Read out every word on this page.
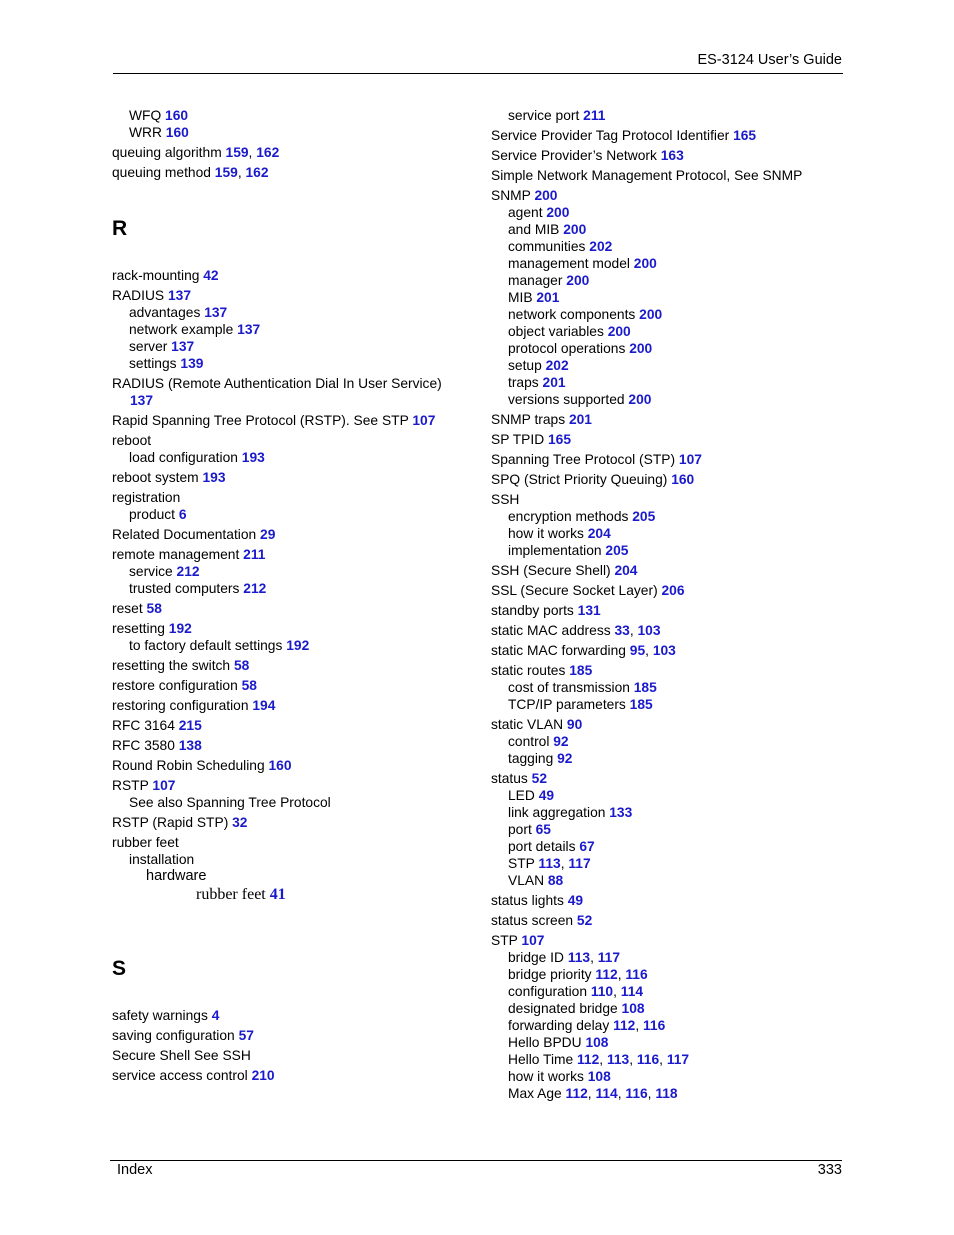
ES-3124 User’s Guide
WFQ 160
WRR 160
queuing algorithm 159, 162
queuing method 159, 162
R
rack-mounting 42
RADIUS 137
advantages 137
network example 137
server 137
settings 139
RADIUS (Remote Authentication Dial In User Service)
137
Rapid Spanning Tree Protocol (RSTP). See STP 107
reboot
load configuration 193
reboot system 193
registration
product 6
Related Documentation 29
remote management 211
service 212
trusted computers 212
reset 58
resetting 192
to factory default settings 192
resetting the switch 58
restore configuration 58
restoring configuration 194
RFC 3164 215
RFC 3580 138
Round Robin Scheduling 160
RSTP 107
See also Spanning Tree Protocol
RSTP (Rapid STP) 32
rubber feet
installation
hardware
rubber feet 41
S
safety warnings 4
saving configuration 57
Secure Shell See SSH
service access control 210
service port 211
Service Provider Tag Protocol Identifier 165
Service Provider’s Network 163
Simple Network Management Protocol, See SNMP
SNMP 200
agent 200
and MIB 200
communities 202
management model 200
manager 200
MIB 201
network components 200
object variables 200
protocol operations 200
setup 202
traps 201
versions supported 200
SNMP traps 201
SP TPID 165
Spanning Tree Protocol (STP) 107
SPQ (Strict Priority Queuing) 160
SSH
encryption methods 205
how it works 204
implementation 205
SSH (Secure Shell) 204
SSL (Secure Socket Layer) 206
standby ports 131
static MAC address 33, 103
static MAC forwarding 95, 103
static routes 185
cost of transmission 185
TCP/IP parameters 185
static VLAN 90
control 92
tagging 92
status 52
LED 49
link aggregation 133
port 65
port details 67
STP 113, 117
VLAN 88
status lights 49
status screen 52
STP 107
bridge ID 113, 117
bridge priority 112, 116
configuration 110, 114
designated bridge 108
forwarding delay 112, 116
Hello BPDU 108
Hello Time 112, 113, 116, 117
how it works 108
Max Age 112, 114, 116, 118
Index	333
